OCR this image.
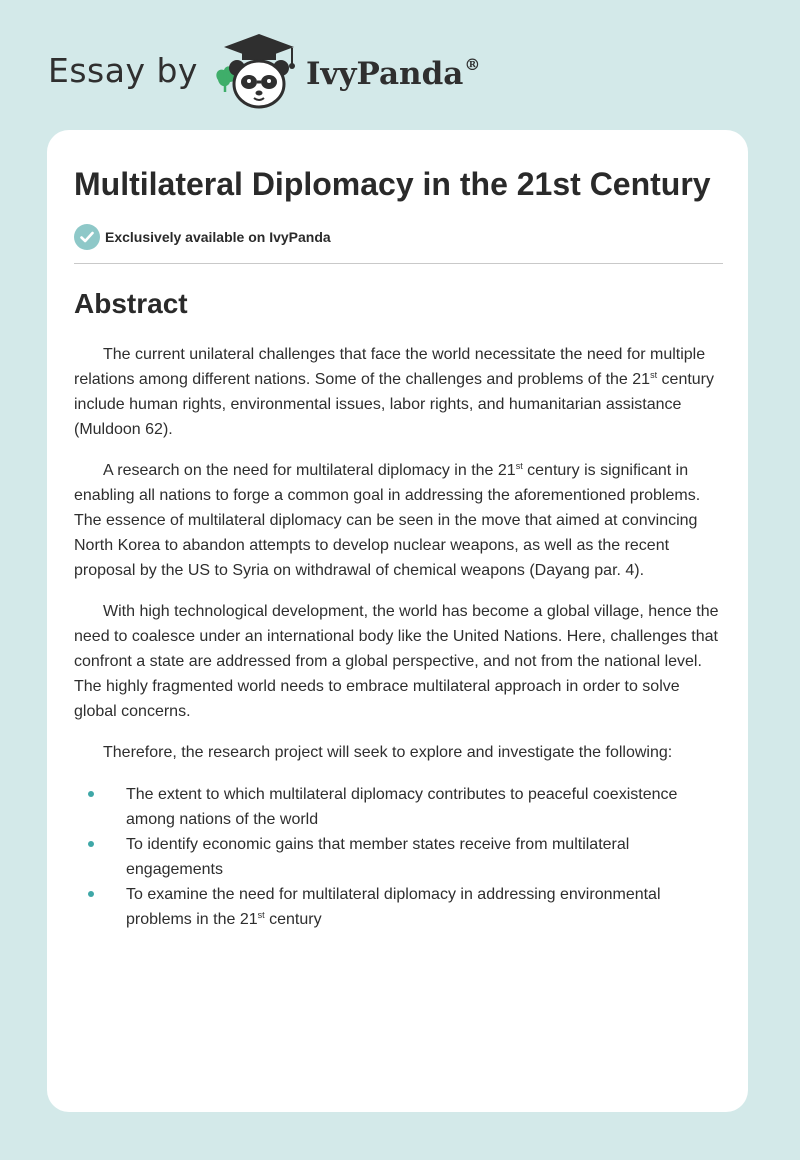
Essay by	IvyPanda®
Multilateral Diplomacy in the 21st Century
Exclusively available on IvyPanda
Abstract

The current unilateral challenges that face the world necessitate the need for multiple relations among different nations. Some of the challenges and problems of the 21st century include human rights, environmental issues, labor rights, and humanitarian assistance (Muldoon 62).

A research on the need for multilateral diplomacy in the 21st century is significant in enabling all nations to forge a common goal in addressing the aforementioned problems. The essence of multilateral diplomacy can be seen in the move that aimed at convincing North Korea to abandon attempts to develop nuclear weapons, as well as the recent proposal by the US to Syria on withdrawal of chemical weapons (Dayang par. 4).

With high technological development, the world has become a global village, hence the need to coalesce under an international body like the United Nations. Here, challenges that confront a state are addressed from a global perspective, and not from the national level. The highly fragmented world needs to embrace multilateral approach in order to solve global concerns.

Therefore, the research project will seek to explore and investigate the following:

The extent to which multilateral diplomacy contributes to peaceful coexistence among nations of the world
To identify economic gains that member states receive from multilateral engagements
To examine the need for multilateral diplomacy in addressing environmental problems in the 21st century
